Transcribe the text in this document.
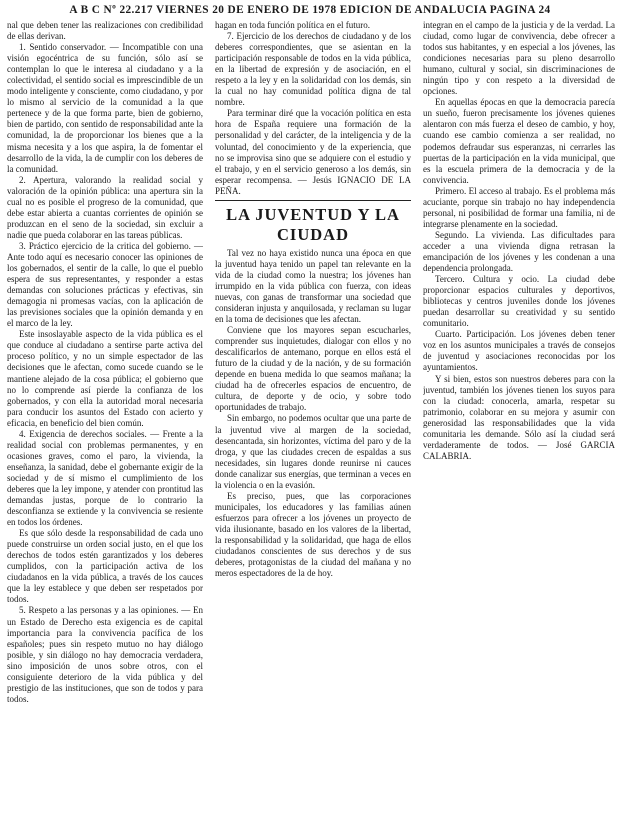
A B C Nº 22.217 VIERNES 20 DE ENERO DE 1978 EDICION DE ANDALUCIA PAGINA 24

nal que deben tener las realizaciones con credibilidad de ellas derivan.

1. Sentido conservador. — Incompatible con una visión egocéntrica de su función, sólo así se contemplan lo que le interesa al ciudadano y a la colectividad, el sentido social es imprescindible de un modo inteligente y consciente, como ciudadano, y por lo mismo al servicio de la comunidad a la que pertenece y de la que forma parte, bien de gobierno, bien de partido, con sentido de responsabilidad ante la comunidad, la de proporcionar los bienes que a la misma necesita y a los que aspira, la de fomentar el desarrollo de la vida, la de cumplir con los deberes de la comunidad.

2. Apertura, valorando la realidad social y valoración de la opinión pública: una apertura sin la cual no es posible el progreso de la comunidad, que debe estar abierta a cuantas corrientes de opinión se produzcan en el seno de la sociedad, sin excluir a nadie que pueda colaborar en las tareas públicas.

3. Práctico ejercicio de la critica del gobierno. — Ante todo aquí es necesario conocer las opiniones de los gobernados, el sentir de la calle, lo que el pueblo espera de sus representantes, y responder a estas demandas con soluciones prácticas y efectivas, sin demagogia ni promesas vacías, con la aplicación de las previsiones sociales que la opinión demanda y en el marco de la ley.

Este insoslayable aspecto de la vida pública es el que conduce al ciudadano a sentirse parte activa del proceso político, y no un simple espectador de las decisiones que le afectan, como sucede cuando se le mantiene alejado de la cosa pública; el gobierno que no lo comprende así pierde la confianza de los gobernados, y con ella la autoridad moral necesaria para conducir los asuntos del Estado con acierto y eficacia, en beneficio del bien común.

4. Exigencia de derechos sociales. — Frente a la realidad social con problemas permanentes, y en ocasiones graves, como el paro, la vivienda, la enseñanza, la sanidad, debe el gobernante exigir de la sociedad y de sí mismo el cumplimiento de los deberes que la ley impone, y atender con prontitud las demandas justas, porque de lo contrario la desconfianza se extiende y la convivencia se resiente en todos los órdenes.

Es que sólo desde la responsabilidad de cada uno puede construirse un orden social justo, en el que los derechos de todos estén garantizados y los deberes cumplidos, con la participación activa de los ciudadanos en la vida pública, a través de los cauces que la ley establece y que deben ser respetados por todos.

5. Respeto a las personas y a las opiniones. — En un Estado de Derecho esta exigencia es de capital importancia para la convivencia pacífica de los españoles; pues sin respeto mutuo no hay diálogo posible, y sin diálogo no hay democracia verdadera, sino imposición de unos sobre otros, con el consiguiente deterioro de la vida pública y del prestigio de las instituciones, que son de todos y para todos.

hagan en toda función política en el futuro.

7. Ejercicio de los derechos de ciudadano y de los deberes correspondientes, que se asientan en la participación responsable de todos en la vida pública, en la libertad de expresión y de asociación, en el respeto a la ley y en la solidaridad con los demás, sin la cual no hay comunidad política digna de tal nombre.

Para terminar diré que la vocación política en esta hora de España requiere una formación de la personalidad y del carácter, de la inteligencia y de la voluntad, del conocimiento y de la experiencia, que no se improvisa sino que se adquiere con el estudio y el trabajo, y en el servicio generoso a los demás, sin esperar recompensa. — Jesús IGNACIO DE LA PEÑA.

LA JUVENTUD Y LA CIUDAD

Tal vez no haya existido nunca una época en que la juventud haya tenido un papel tan relevante en la vida de la ciudad como la nuestra; los jóvenes han irrumpido en la vida pública con fuerza, con ideas nuevas, con ganas de transformar una sociedad que consideran injusta y anquilosada, y reclaman su lugar en la toma de decisiones que les afectan.

Conviene que los mayores sepan escucharles, comprender sus inquietudes, dialogar con ellos y no descalificarlos de antemano, porque en ellos está el futuro de la ciudad y de la nación, y de su formación depende en buena medida lo que seamos mañana; la ciudad ha de ofrecerles espacios de encuentro, de cultura, de deporte y de ocio, y sobre todo oportunidades de trabajo.

Sin embargo, no podemos ocultar que una parte de la juventud vive al margen de la sociedad, desencantada, sin horizontes, víctima del paro y de la droga, y que las ciudades crecen de espaldas a sus necesidades, sin lugares donde reunirse ni cauces donde canalizar sus energías, que terminan a veces en la violencia o en la evasión.

Es preciso, pues, que las corporaciones municipales, los educadores y las familias aúnen esfuerzos para ofrecer a los jóvenes un proyecto de vida ilusionante, basado en los valores de la libertad, la responsabilidad y la solidaridad, que haga de ellos ciudadanos conscientes de sus derechos y de sus deberes, protagonistas de la ciudad del mañana y no meros espectadores de la de hoy.

integran en el campo de la justicia y de la verdad. La ciudad, como lugar de convivencia, debe ofrecer a todos sus habitantes, y en especial a los jóvenes, las condiciones necesarias para su pleno desarrollo humano, cultural y social, sin discriminaciones de ningún tipo y con respeto a la diversidad de opciones.

En aquellas épocas en que la democracia parecía un sueño, fueron precisamente los jóvenes quienes alentaron con más fuerza el deseo de cambio, y hoy, cuando ese cambio comienza a ser realidad, no podemos defraudar sus esperanzas, ni cerrarles las puertas de la participación en la vida municipal, que es la escuela primera de la democracia y de la convivencia.

Primero. El acceso al trabajo. Es el problema más acuciante, porque sin trabajo no hay independencia personal, ni posibilidad de formar una familia, ni de integrarse plenamente en la sociedad.

Segundo. La vivienda. Las dificultades para acceder a una vivienda digna retrasan la emancipación de los jóvenes y les condenan a una dependencia prolongada.

Tercero. Cultura y ocio. La ciudad debe proporcionar espacios culturales y deportivos, bibliotecas y centros juveniles donde los jóvenes puedan desarrollar su creatividad y su sentido comunitario.

Cuarto. Participación. Los jóvenes deben tener voz en los asuntos municipales a través de consejos de juventud y asociaciones reconocidas por los ayuntamientos.

Y si bien, estos son nuestros deberes para con la juventud, también los jóvenes tienen los suyos para con la ciudad: conocerla, amarla, respetar su patrimonio, colaborar en su mejora y asumir con generosidad las responsabilidades que la vida comunitaria les demande. Sólo así la ciudad será verdaderamente de todos. — José GARCIA CALABRIA.
